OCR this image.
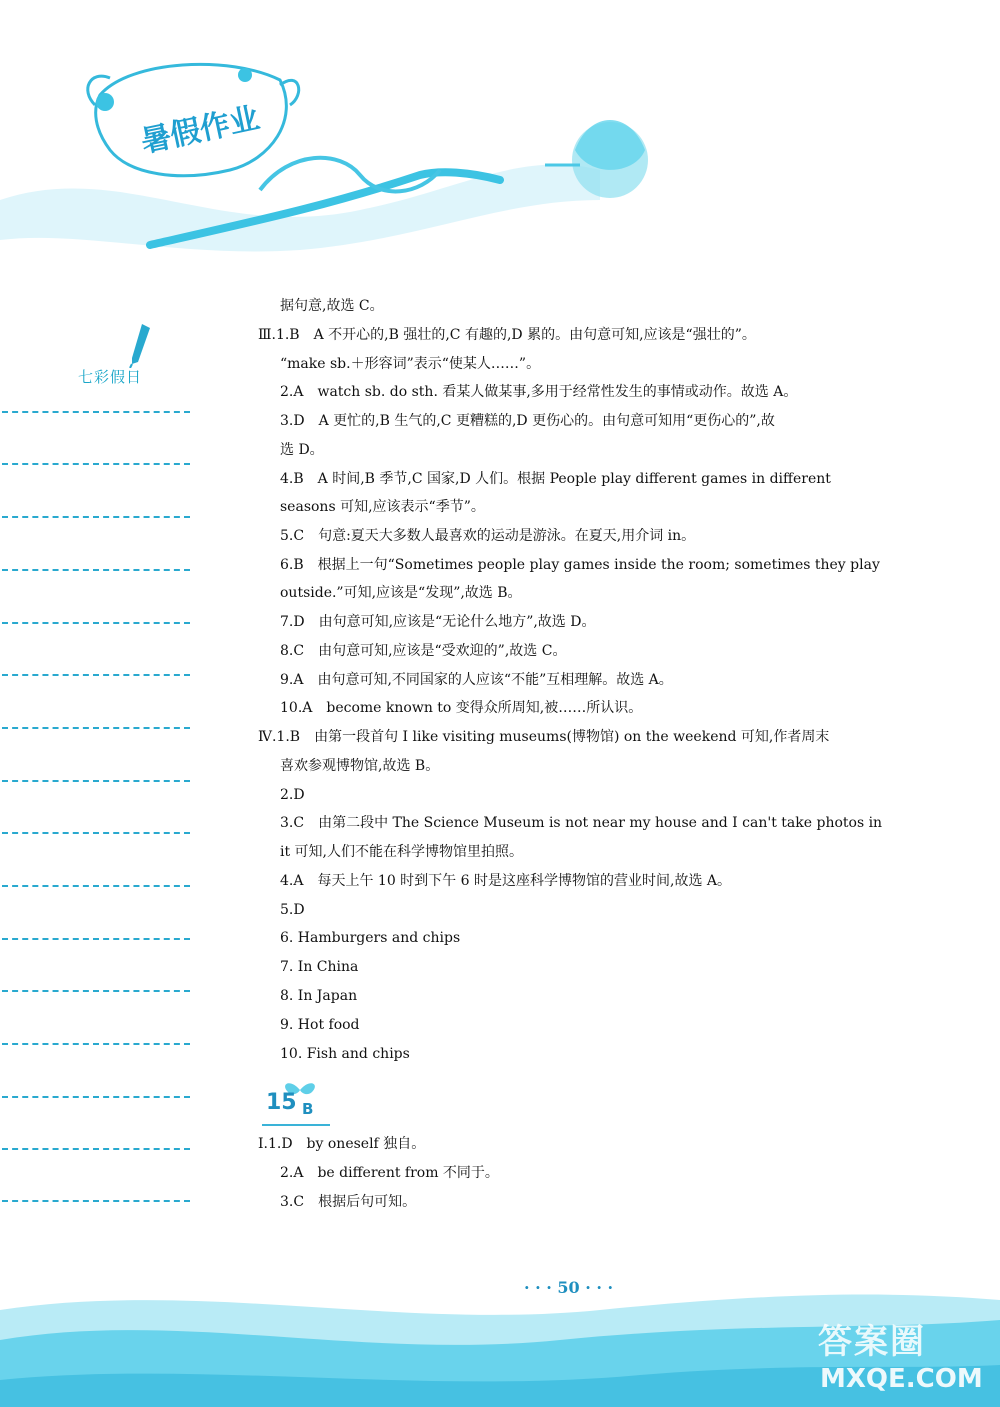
暑假作业
七彩假日
据句意,故选 C。
Ⅲ.1.B　A 不开心的,B 强壮的,C 有趣的,D 累的。由句意可知,应该是“强壮的”。
“make sb.＋形容词”表示“使某人……”。
2.A　watch sb. do sth. 看某人做某事,多用于经常性发生的事情或动作。故选 A。
3.D　A 更忙的,B 生气的,C 更糟糕的,D 更伤心的。由句意可知用“更伤心的”,故
选 D。
4.B　A 时间,B 季节,C 国家,D 人们。根据 People play different games in different
seasons 可知,应该表示“季节”。
5.C　句意:夏天大多数人最喜欢的运动是游泳。在夏天,用介词 in。
6.B　根据上一句“Sometimes people play games inside the room; sometimes they play
outside.”可知,应该是“发现”,故选 B。
7.D　由句意可知,应该是“无论什么地方”,故选 D。
8.C　由句意可知,应该是“受欢迎的”,故选 C。
9.A　由句意可知,不同国家的人应该“不能”互相理解。故选 A。
10.A　become known to 变得众所周知,被……所认识。
Ⅳ.1.B　由第一段首句 I like visiting museums(博物馆) on the weekend 可知,作者周末
喜欢参观博物馆,故选 B。
2.D
3.C　由第二段中 The Science Museum is not near my house and I can't take photos in
it 可知,人们不能在科学博物馆里拍照。
4.A　每天上午 10 时到下午 6 时是这座科学博物馆的营业时间,故选 A。
5.D
6. Hamburgers and chips
7. In China
8. In Japan
9. Hot food
10. Fish and chips
15 B
Ⅰ.1.D　by oneself 独自。
2.A　be different from 不同于。
3.C　根据后句可知。
· · · 50 · · ·
答案圈
MXQE.COM
